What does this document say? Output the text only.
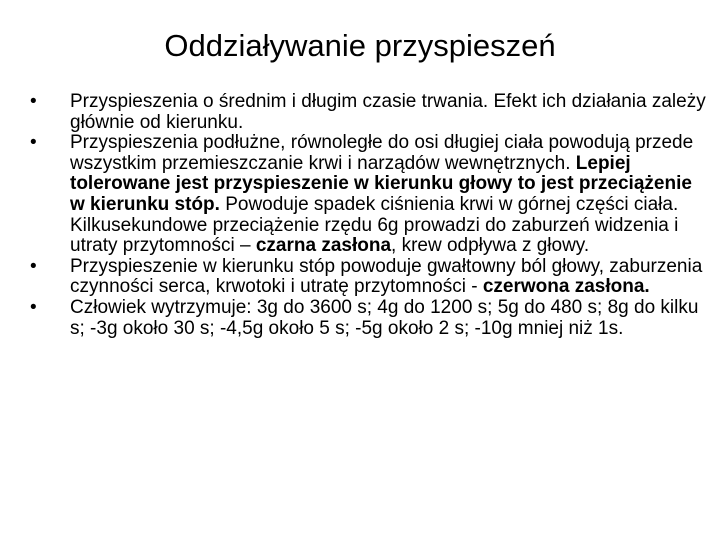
Oddziaływanie przyspieszeń
•	Przyspieszenia o średnim i długim czasie trwania. Efekt ich działania zależy głównie od kierunku.
•	Przyspieszenia podłużne, równoległe do osi długiej ciała powodują przede wszystkim przemieszczanie krwi i narządów wewnętrznych. Lepiej tolerowane jest przyspieszenie w kierunku głowy to jest przeciążenie w kierunku stóp. Powoduje spadek ciśnienia krwi w górnej części ciała. Kilkusekundowe przeciążenie rzędu 6g prowadzi do zaburzeń widzenia i utraty przytomności – czarna zasłona, krew odpływa z głowy.
•	Przyspieszenie w kierunku stóp powoduje gwałtowny ból głowy, zaburzenia czynności serca, krwotoki i utratę przytomności - czerwona zasłona.
•	Człowiek wytrzymuje: 3g do 3600 s; 4g do 1200 s; 5g do 480 s; 8g do kilku s; -3g około 30 s; -4,5g około 5 s; -5g około 2 s; -10g mniej niż 1s.
